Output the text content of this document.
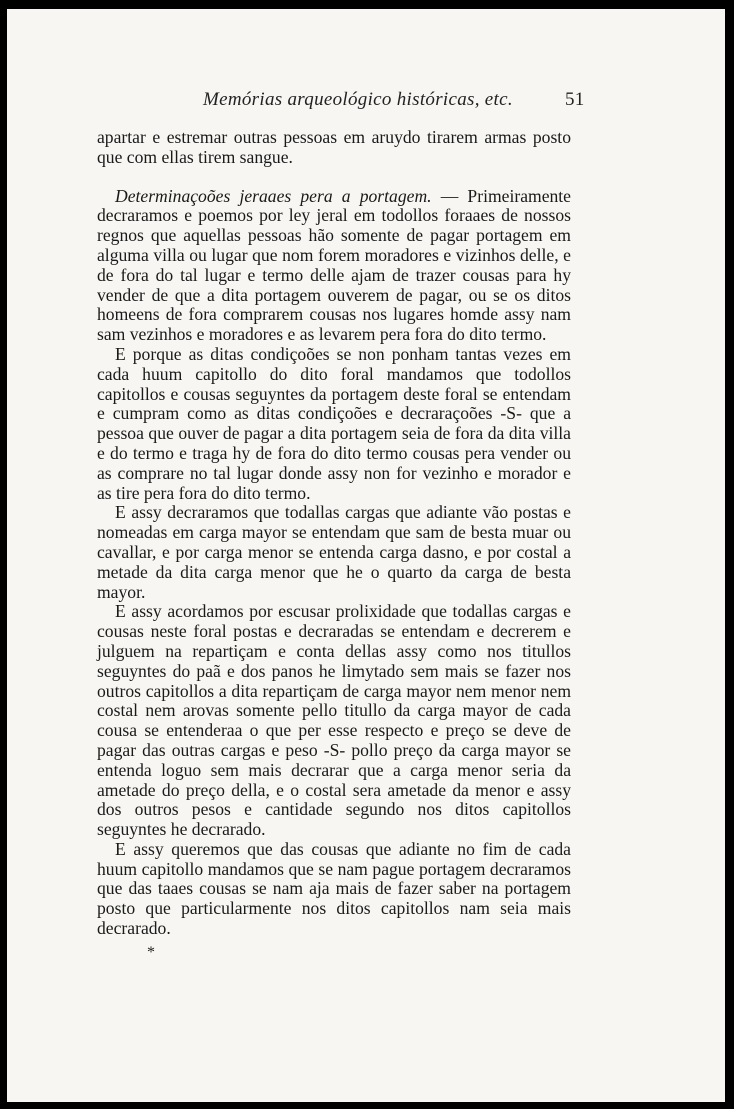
Memórias arqueológico históricas, etc.	51

apartar e estremar outras pessoas em aruydo tirarem armas posto que com ellas tirem sangue.

Determinaçoões jeraaes pera a portagem. — Primeiramente decraramos e poemos por ley jeral em todollos foraaes de nossos regnos que aquellas pessoas hão somente de pagar portagem em alguma villa ou lugar que nom forem moradores e vizinhos delle, e de fora do tal lugar e termo delle ajam de trazer cousas para hy vender de que a dita portagem ouverem de pagar, ou se os ditos homeens de fora comprarem cousas nos lugares homde assy nam sam vezinhos e moradores e as levarem pera fora do dito termo.

E porque as ditas condiçoões se non ponham tantas vezes em cada huum capitollo do dito foral mandamos que todollos capitollos e cousas seguyntes da portagem deste foral se entendam e cumpram como as ditas condiçoões e decraraçoões -S- que a pessoa que ouver de pagar a dita portagem seia de fora da dita villa e do termo e traga hy de fora do dito termo cousas pera vender ou as comprare no tal lugar donde assy non for vezinho e morador e as tire pera fora do dito termo.

E assy decraramos que todallas cargas que adiante vão postas e nomeadas em carga mayor se entendam que sam de besta muar ou cavallar, e por carga menor se entenda carga dasno, e por costal a metade da dita carga menor que he o quarto da carga de besta mayor.

E assy acordamos por escusar prolixidade que todallas cargas e cousas neste foral postas e decraradas se entendam e decrerem e julguem na repartiçam e conta dellas assy como nos titullos seguyntes do paã e dos panos he limytado sem mais se fazer nos outros capitollos a dita repartiçam de carga mayor nem menor nem costal nem arovas somente pello titullo da carga mayor de cada cousa se entenderaa o que per esse respecto e preço se deve de pagar das outras cargas e peso -S- pollo preço da carga mayor se entenda loguo sem mais decrarar que a carga menor seria da ametade do preço della, e o costal sera ametade da menor e assy dos outros pesos e cantidade segundo nos ditos capitollos seguyntes he decrarado.

E assy queremos que das cousas que adiante no fim de cada huum capitollo mandamos que se nam pague portagem decraramos que das taaes cousas se nam aja mais de fazer saber na portagem posto que particularmente nos ditos capitollos nam seia mais decrarado.

*
